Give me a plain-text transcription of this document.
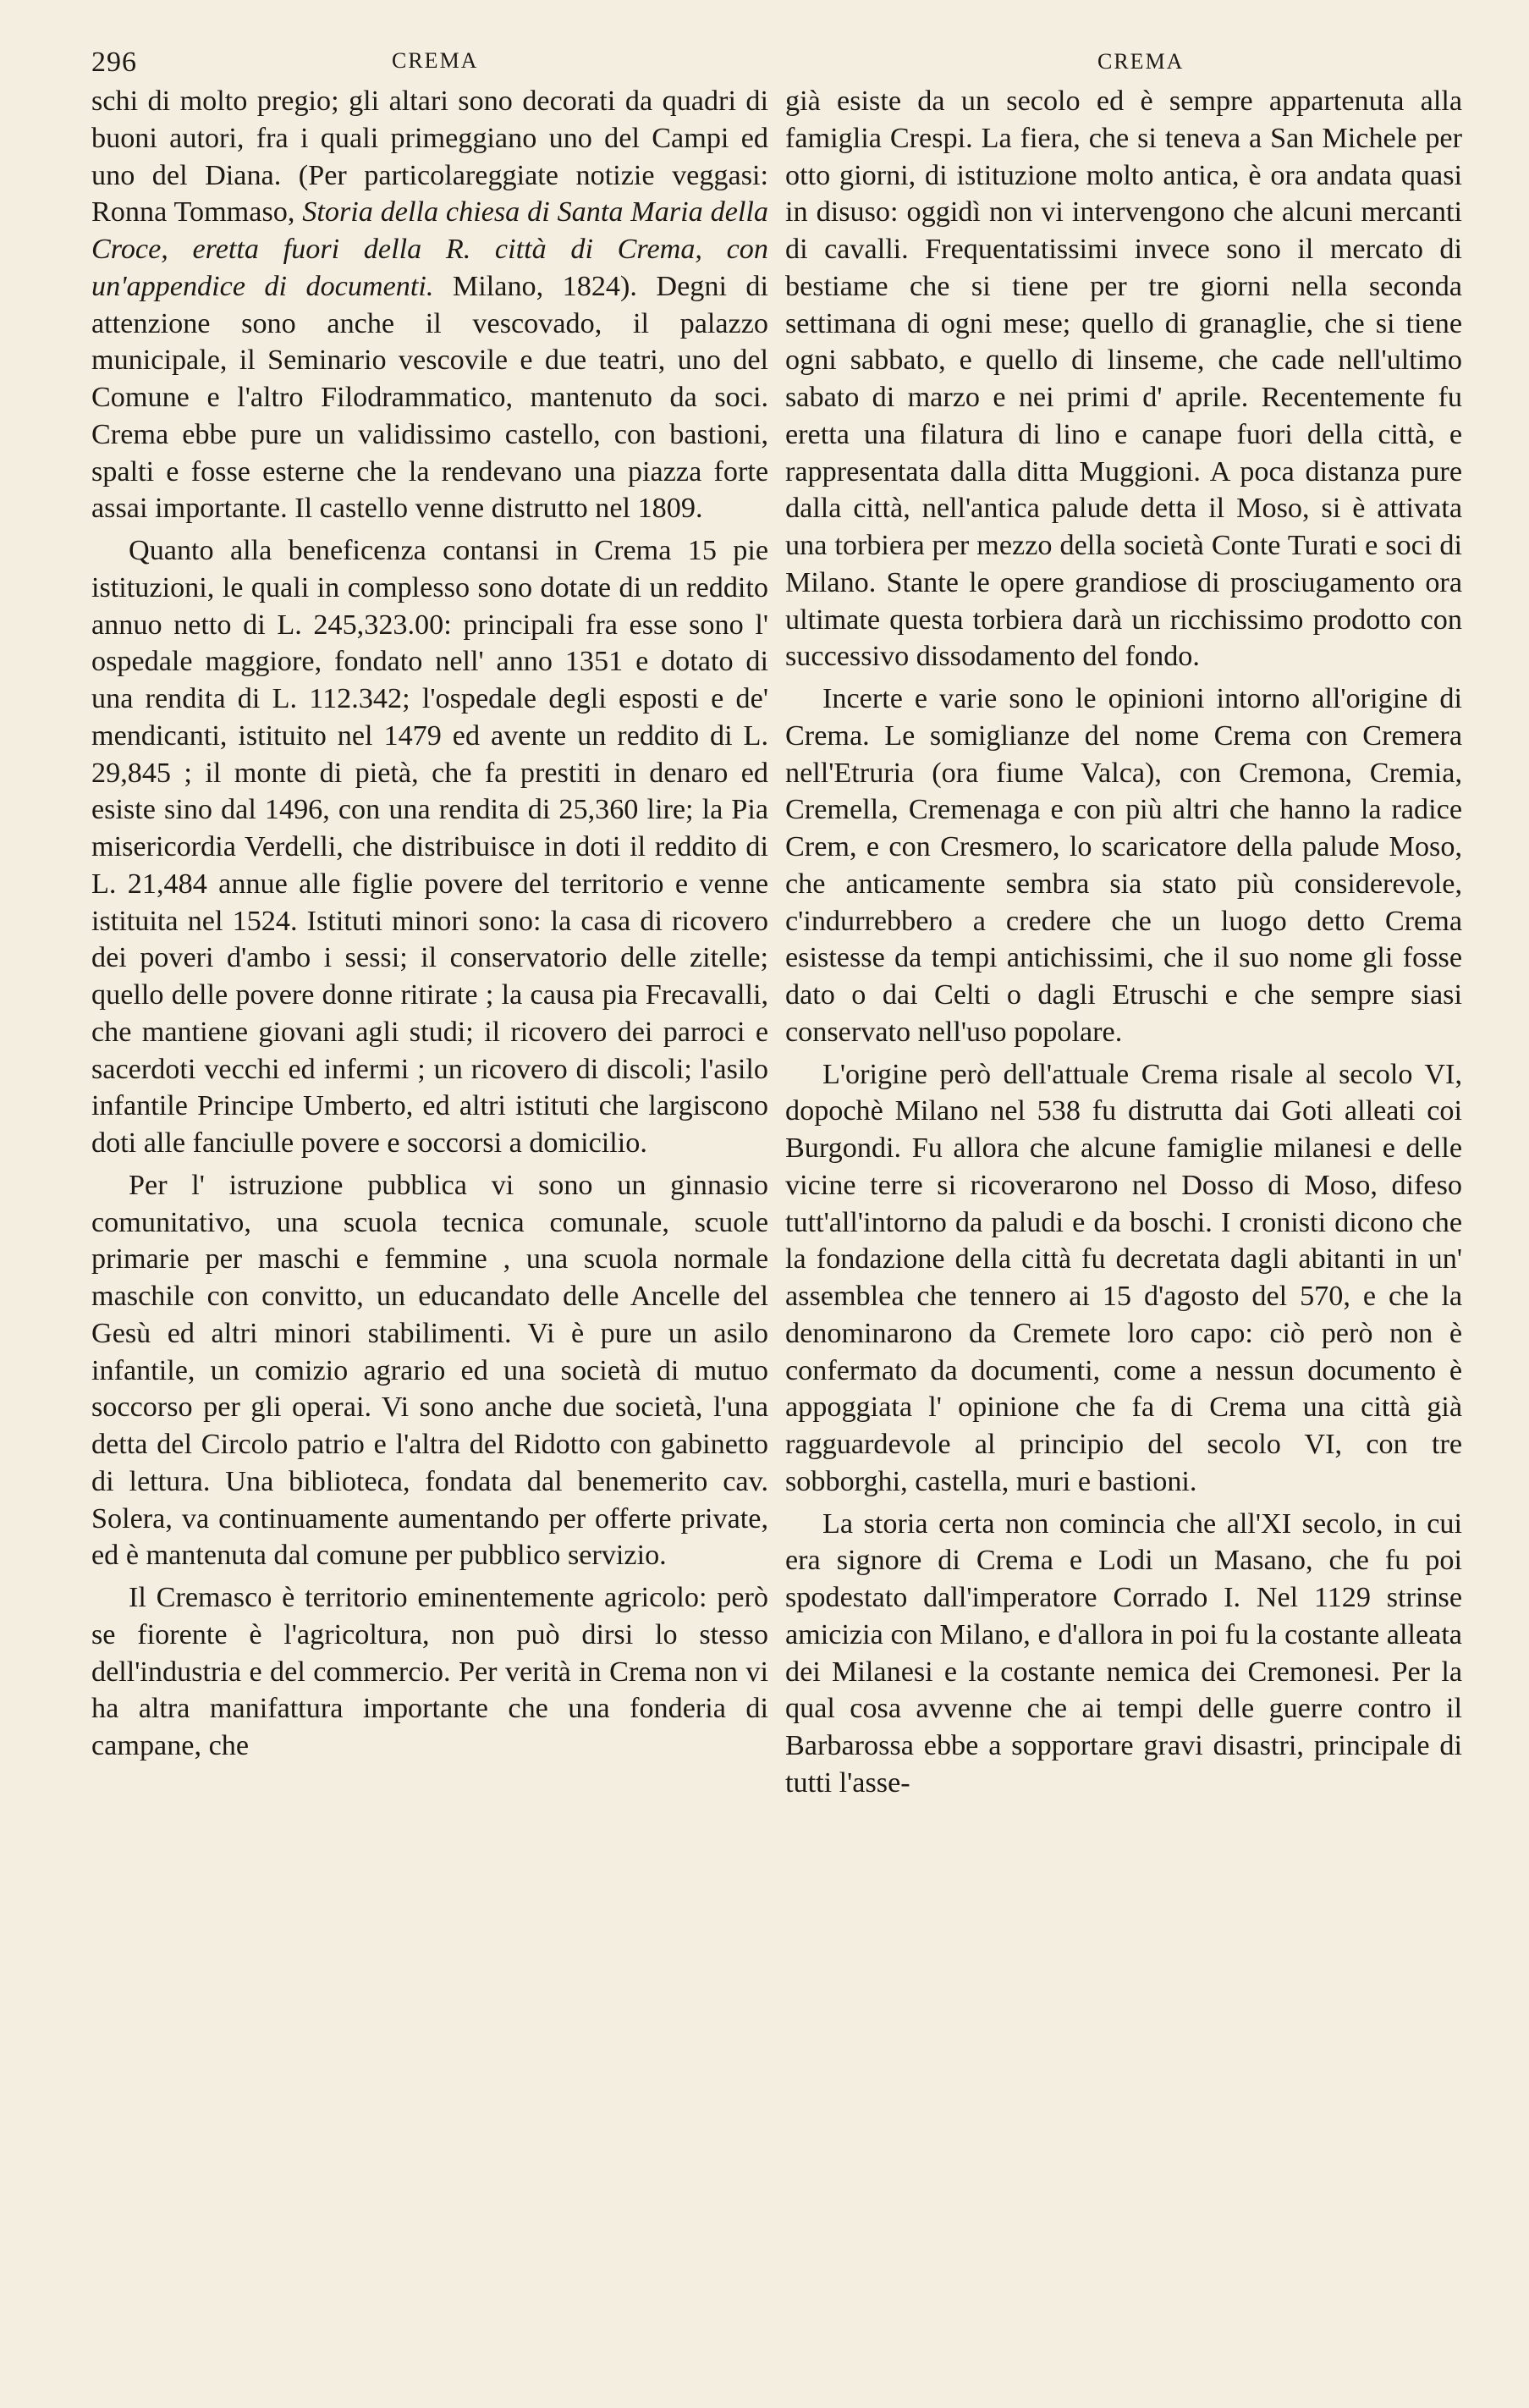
296	CREMA	CREMA

schi di molto pregio; gli altari sono decorati da quadri di buoni autori, fra i quali primeggiano uno del Campi ed uno del Diana. (Per particolareggiate notizie veggasi: Ronna Tommaso, Storia della chiesa di Santa Maria della Croce, eretta fuori della R. città di Crema, con un'appendice di documenti. Milano, 1824). Degni di attenzione sono anche il vescovado, il palazzo municipale, il Seminario vescovile e due teatri, uno del Comune e l'altro Filodrammatico, mantenuto da soci. Crema ebbe pure un validissimo castello, con bastioni, spalti e fosse esterne che la rendevano una piazza forte assai importante. Il castello venne distrutto nel 1809.

Quanto alla beneficenza contansi in Crema 15 pie istituzioni, le quali in complesso sono dotate di un reddito annuo netto di L. 245,323.00: principali fra esse sono l' ospedale maggiore, fondato nell' anno 1351 e dotato di una rendita di L. 112.342; l'ospedale degli esposti e de' mendicanti, istituito nel 1479 ed avente un reddito di L. 29,845 ; il monte di pietà, che fa prestiti in denaro ed esiste sino dal 1496, con una rendita di 25,360 lire; la Pia misericordia Verdelli, che distribuisce in doti il reddito di L. 21,484 annue alle figlie povere del territorio e venne istituita nel 1524. Istituti minori sono: la casa di ricovero dei poveri d'ambo i sessi; il conservatorio delle zitelle; quello delle povere donne ritirate ; la causa pia Frecavalli, che mantiene giovani agli studi; il ricovero dei parroci e sacerdoti vecchi ed infermi ; un ricovero di discoli; l'asilo infantile Principe Umberto, ed altri istituti che largiscono doti alle fanciulle povere e soccorsi a domicilio.

Per l' istruzione pubblica vi sono un ginnasio comunitativo, una scuola tecnica comunale, scuole primarie per maschi e femmine , una scuola normale maschile con convitto, un educandato delle Ancelle del Gesù ed altri minori stabilimenti. Vi è pure un asilo infantile, un comizio agrario ed una società di mutuo soccorso per gli operai. Vi sono anche due società, l'una detta del Circolo patrio e l'altra del Ridotto con gabinetto di lettura. Una biblioteca, fondata dal benemerito cav. Solera, va continuamente aumentando per offerte private, ed è mantenuta dal comune per pubblico servizio.

Il Cremasco è territorio eminentemente agricolo: però se fiorente è l'agricoltura, non può dirsi lo stesso dell'industria e del commercio. Per verità in Crema non vi ha altra manifattura importante che una fonderia di campane, che

già esiste da un secolo ed è sempre appartenuta alla famiglia Crespi. La fiera, che si teneva a San Michele per otto giorni, di istituzione molto antica, è ora andata quasi in disuso: oggidì non vi intervengono che alcuni mercanti di cavalli. Frequentatissimi invece sono il mercato di bestiame che si tiene per tre giorni nella seconda settimana di ogni mese; quello di granaglie, che si tiene ogni sabbato, e quello di linseme, che cade nell'ultimo sabato di marzo e nei primi d' aprile. Recentemente fu eretta una filatura di lino e canape fuori della città, e rappresentata dalla ditta Muggioni. A poca distanza pure dalla città, nell'antica palude detta il Moso, si è attivata una torbiera per mezzo della società Conte Turati e soci di Milano. Stante le opere grandiose di prosciugamento ora ultimate questa torbiera darà un ricchissimo prodotto con successivo dissodamento del fondo.

Incerte e varie sono le opinioni intorno all'origine di Crema. Le somiglianze del nome Crema con Cremera nell'Etruria (ora fiume Valca), con Cremona, Cremia, Cremella, Cremenaga e con più altri che hanno la radice Crem, e con Cresmero, lo scaricatore della palude Moso, che anticamente sembra sia stato più considerevole, c'indurrebbero a credere che un luogo detto Crema esistesse da tempi antichissimi, che il suo nome gli fosse dato o dai Celti o dagli Etruschi e che sempre siasi conservato nell'uso popolare.

L'origine però dell'attuale Crema risale al secolo VI, dopochè Milano nel 538 fu distrutta dai Goti alleati coi Burgondi. Fu allora che alcune famiglie milanesi e delle vicine terre si ricoverarono nel Dosso di Moso, difeso tutt'all'intorno da paludi e da boschi. I cronisti dicono che la fondazione della città fu decretata dagli abitanti in un' assemblea che tennero ai 15 d'agosto del 570, e che la denominarono da Cremete loro capo: ciò però non è confermato da documenti, come a nessun documento è appoggiata l' opinione che fa di Crema una città già ragguardevole al principio del secolo VI, con tre sobborghi, castella, muri e bastioni.

La storia certa non comincia che all'XI secolo, in cui era signore di Crema e Lodi un Masano, che fu poi spodestato dall'imperatore Corrado I. Nel 1129 strinse amicizia con Milano, e d'allora in poi fu la costante alleata dei Milanesi e la costante nemica dei Cremonesi. Per la qual cosa avvenne che ai tempi delle guerre contro il Barbarossa ebbe a sopportare gravi disastri, principale di tutti l'asse-
